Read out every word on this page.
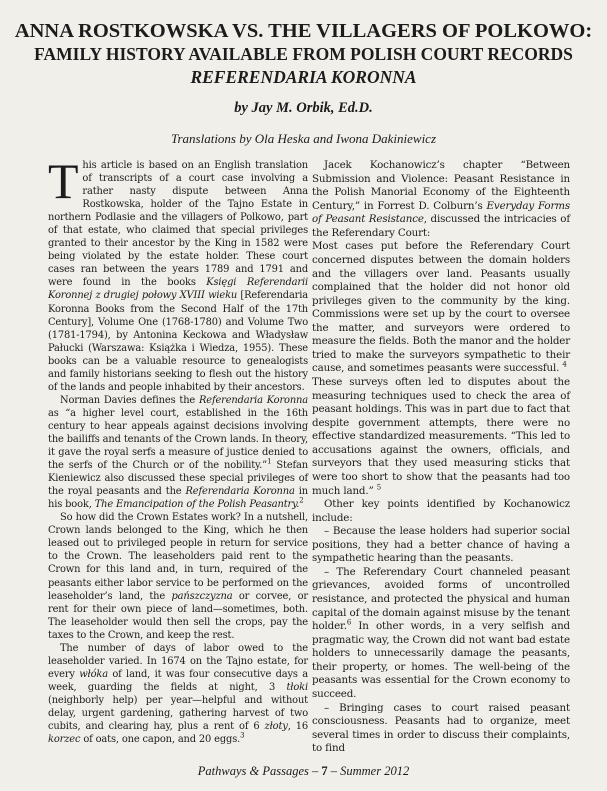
ANNA ROSTKOWSKA VS. THE VILLAGERS OF POLKOWO:
FAMILY HISTORY AVAILABLE FROM POLISH COURT RECORDS
REFERENDARIA KORONNA
by Jay M. Orbik, Ed.D.
Translations by Ola Heska and Iwona Dakiniewicz

This article is based on an English translation of transcripts of a court case involving a rather nasty dispute between Anna Rostkowska, holder of the Tajno Estate in northern Podlasie and the villagers of Polkowo, part of that estate, who claimed that special privileges granted to their ancestor by the King in 1582 were being violated by the estate holder. These court cases ran between the years 1789 and 1791 and were found in the books Księgi Referendarii Koronnej z drugiej połowy XVIII wieku [Referendaria Koronna Books from the Second Half of the 17th Century], Volume One (1768-1780) and Volume Two (1781-1794), by Antonina Keckowa and Władysław Pałucki (Warszawa: Książka i Wiedza, 1955). These books can be a valuable resource to genealogists and family historians seeking to flesh out the history of the lands and people inhabited by their ancestors.

Norman Davies defines the Referendaria Koronna as “a higher level court, established in the 16th century to hear appeals against decisions involving the bailiffs and tenants of the Crown lands. In theory, it gave the royal serfs a measure of justice denied to the serfs of the Church or of the nobility.”$^1$ Stefan Kieniewicz also discussed these special privileges of the royal peasants and the Referendaria Koronna in his book, The Emancipation of the Polish Peasantry.$^2$

So how did the Crown Estates work? In a nutshell, Crown lands belonged to the King, which he then leased out to privileged people in return for service to the Crown. The leaseholders paid rent to the Crown for this land and, in turn, required of the peasants either labor service to be performed on the leaseholder’s land, the pańszczyzna or corvee, or rent for their own piece of land—sometimes, both. The leaseholder would then sell the crops, pay the taxes to the Crown, and keep the rest.

The number of days of labor owed to the leaseholder varied. In 1674 on the Tajno estate, for every włóka of land, it was four consecutive days a week, guarding the fields at night, 3 tłoki (neighborly help) per year—helpful and without delay, urgent gardening, gathering harvest of two cubits, and clearing hay, plus a rent of 6 złoty, 16 korzec of oats, one capon, and 20 eggs.$^3$

Jacek Kochanowicz’s chapter “Between Submission and Violence: Peasant Resistance in the Polish Manorial Economy of the Eighteenth Century,” in Forrest D. Colburn’s Everyday Forms of Peasant Resistance, discussed the intricacies of the Referendary Court:

Most cases put before the Referendary Court concerned disputes between the domain holders and the villagers over land. Peasants usually complained that the holder did not honor old privileges given to the community by the king. Commissions were set up by the court to oversee the matter, and surveyors were ordered to measure the fields. Both the manor and the holder tried to make the surveyors sympathetic to their cause, and sometimes peasants were successful. $^4$

These surveys often led to disputes about the measuring techniques used to check the area of peasant holdings. This was in part due to fact that despite government attempts, there were no effective standardized measurements. “This led to accusations against the owners, officials, and surveyors that they used measuring sticks that were too short to show that the peasants had too much land.” $^5$

Other key points identified by Kochanowicz include:

– Because the lease holders had superior social positions, they had a better chance of having a sympathetic hearing than the peasants.

– The Referendary Court channeled peasant grievances, avoided forms of uncontrolled resistance, and protected the physical and human capital of the domain against misuse by the tenant holder.$^6$ In other words, in a very selfish and pragmatic way, the Crown did not want bad estate holders to unnecessarily damage the peasants, their property, or homes. The well-being of the peasants was essential for the Crown economy to succeed.

– Bringing cases to court raised peasant consciousness. Peasants had to organize, meet several times in order to discuss their complaints, to find

Pathways & Passages – 7 – Summer 2012
